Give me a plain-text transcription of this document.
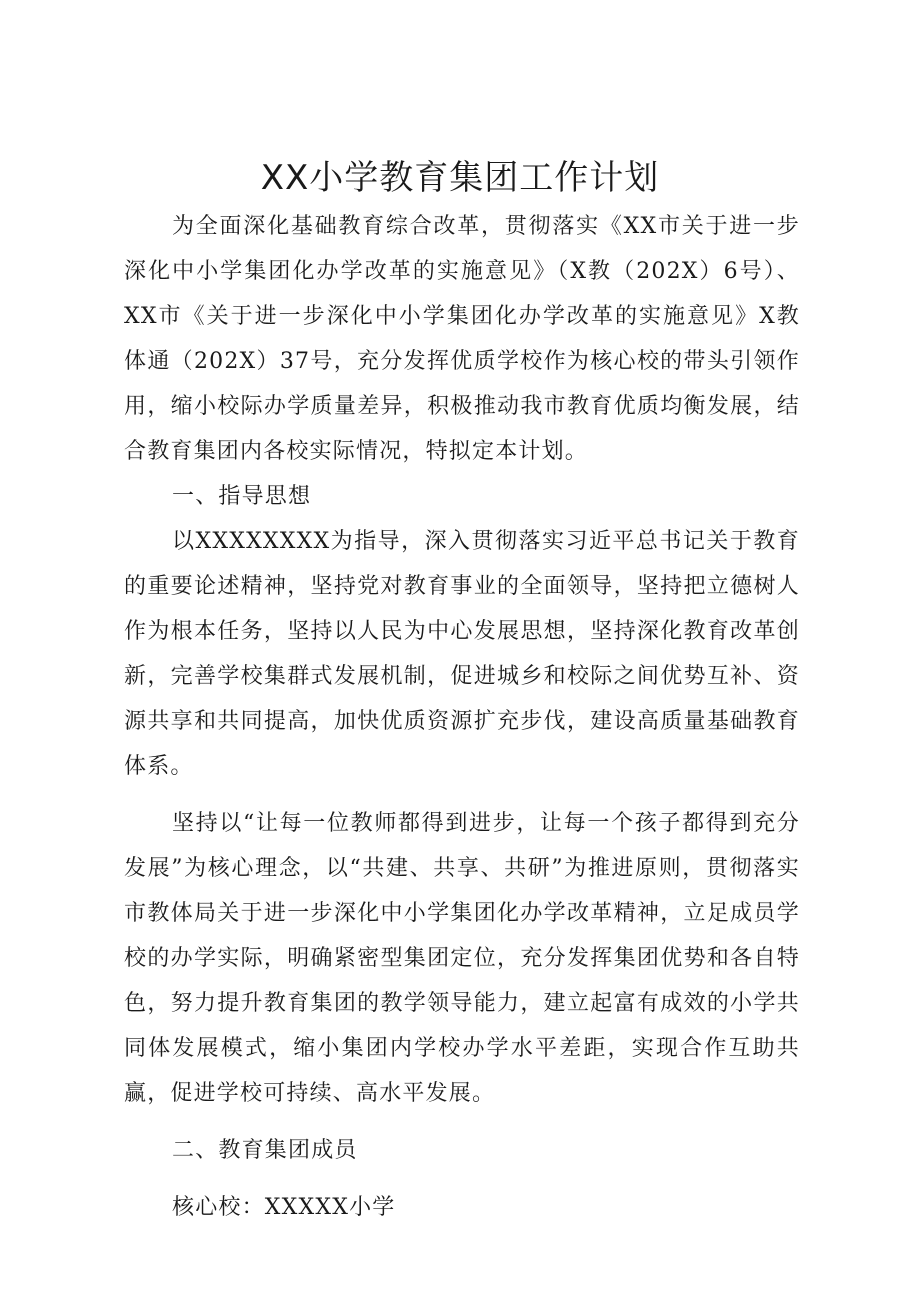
XX小学教育集团工作计划

为全面深化基础教育综合改革，贯彻落实《XX市关于进一步深化中小学集团化办学改革的实施意见》（X教（202X）6号）、XX市《关于进一步深化中小学集团化办学改革的实施意见》X教体通（202X）37号，充分发挥优质学校作为核心校的带头引领作用，缩小校际办学质量差异，积极推动我市教育优质均衡发展，结合教育集团内各校实际情况，特拟定本计划。

一、指导思想

以XXXXXXXX为指导，深入贯彻落实习近平总书记关于教育的重要论述精神，坚持党对教育事业的全面领导，坚持把立德树人作为根本任务，坚持以人民为中心发展思想，坚持深化教育改革创新，完善学校集群式发展机制，促进城乡和校际之间优势互补、资源共享和共同提高，加快优质资源扩充步伐，建设高质量基础教育体系。

坚持以“让每一位教师都得到进步，让每一个孩子都得到充分发展”为核心理念，以“共建、共享、共研”为推进原则，贯彻落实市教体局关于进一步深化中小学集团化办学改革精神，立足成员学校的办学实际，明确紧密型集团定位，充分发挥集团优势和各自特色，努力提升教育集团的教学领导能力，建立起富有成效的小学共同体发展模式，缩小集团内学校办学水平差距，实现合作互助共赢，促进学校可持续、高水平发展。

二、教育集团成员

核心校：XXXXX小学
